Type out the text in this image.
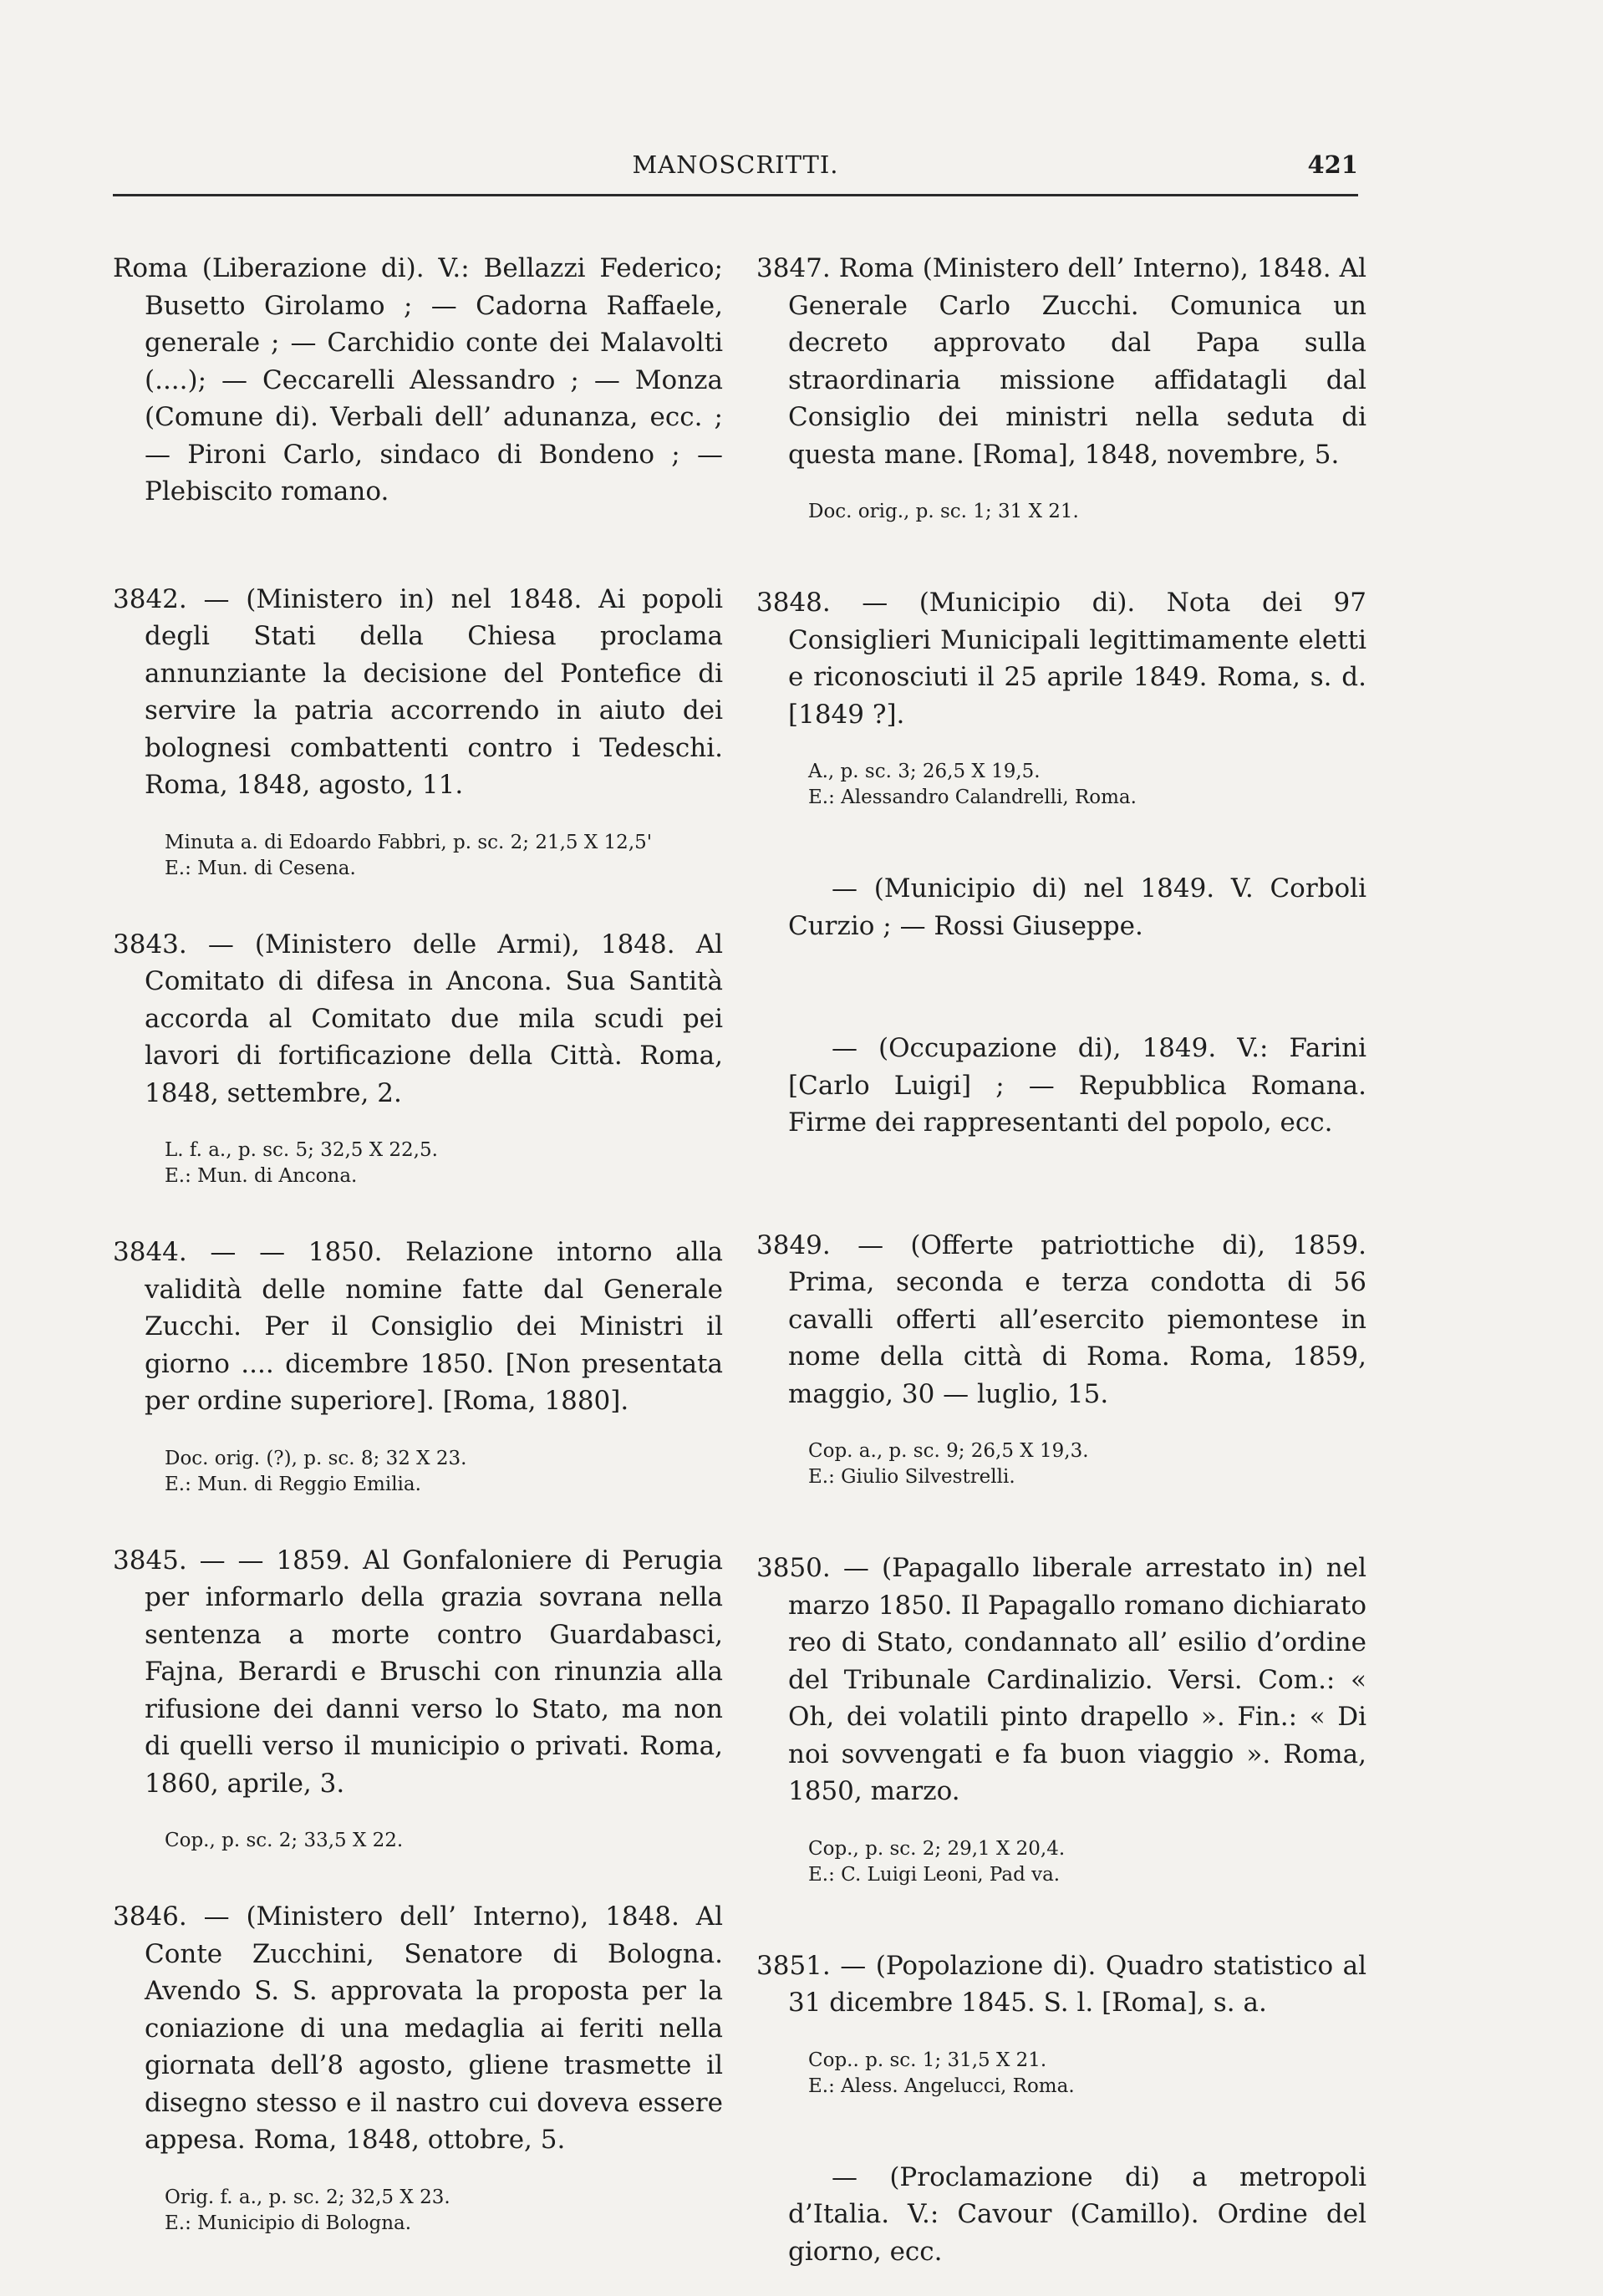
MANOSCRITTI.	421

Roma (Liberazione di). V.: Bellazzi Federico; Busetto Girolamo ; — Cadorna Raffaele, generale ; — Carchidio conte dei Malavolti (....); — Ceccarelli Alessandro ; — Monza (Comune di). Verbali dell’ adunanza, ecc. ; — Pironi Carlo, sindaco di Bondeno ; — Plebiscito romano.

3842. — (Ministero in) nel 1848. Ai popoli degli Stati della Chiesa proclama annunziante la decisione del Pontefice di servire la patria accorrendo in aiuto dei bolognesi combattenti contro i Tedeschi. Roma, 1848, agosto, 11.

Minuta a. di Edoardo Fabbri, p. sc. 2; 21,5 X 12,5'
E.: Mun. di Cesena.

3843. — (Ministero delle Armi), 1848. Al Comitato di difesa in Ancona. Sua Santità accorda al Comitato due mila scudi pei lavori di fortificazione della Città. Roma, 1848, settembre, 2.

L. f. a., p. sc. 5; 32,5 X 22,5.
E.: Mun. di Ancona.

3844. — — 1850. Relazione intorno alla validità delle nomine fatte dal Generale Zucchi. Per il Consiglio dei Ministri il giorno .... dicembre 1850. [Non presentata per ordine superiore]. [Roma, 1880].

Doc. orig. (?), p. sc. 8; 32 X 23.
E.: Mun. di Reggio Emilia.

3845. — — 1859. Al Gonfaloniere di Perugia per informarlo della grazia sovrana nella sentenza a morte contro Guardabasci, Fajna, Berardi e Bruschi con rinunzia alla rifusione dei danni verso lo Stato, ma non di quelli verso il municipio o privati. Roma, 1860, aprile, 3.

Cop., p. sc. 2; 33,5 X 22.

3846. — (Ministero dell’ Interno), 1848. Al Conte Zucchini, Senatore di Bologna. Avendo S. S. approvata la proposta per la coniazione di una medaglia ai feriti nella giornata dell’8 agosto, gliene trasmette il disegno stesso e il nastro cui doveva essere appesa. Roma, 1848, ottobre, 5.

Orig. f. a., p. sc. 2; 32,5 X 23.
E.: Municipio di Bologna.

3847. Roma (Ministero dell’ Interno), 1848. Al Generale Carlo Zucchi. Comunica un decreto approvato dal Papa sulla straordinaria missione affidatagli dal Consiglio dei ministri nella seduta di questa mane. [Roma], 1848, novembre, 5.

Doc. orig., p. sc. 1; 31 X 21.

3848. — (Municipio di). Nota dei 97 Consiglieri Municipali legittimamente eletti e riconosciuti il 25 aprile 1849. Roma, s. d. [1849 ?].

A., p. sc. 3; 26,5 X 19,5.
E.: Alessandro Calandrelli, Roma.

— (Municipio di) nel 1849. V. Corboli Curzio ; — Rossi Giuseppe.

— (Occupazione di), 1849. V.: Farini [Carlo Luigi] ; — Repubblica Romana. Firme dei rappresentanti del popolo, ecc.

3849. — (Offerte patriottiche di), 1859. Prima, seconda e terza condotta di 56 cavalli offerti all’esercito piemontese in nome della città di Roma. Roma, 1859, maggio, 30 — luglio, 15.

Cop. a., p. sc. 9; 26,5 X 19,3.
E.: Giulio Silvestrelli.

3850. — (Papagallo liberale arrestato in) nel marzo 1850. Il Papagallo romano dichiarato reo di Stato, condannato all’ esilio d’ordine del Tribunale Cardinalizio. Versi. Com.: « Oh, dei volatili pinto drapello ». Fin.: « Di noi sovvengati e fa buon viaggio ». Roma, 1850, marzo.

Cop., p. sc. 2; 29,1 X 20,4.
E.: C. Luigi Leoni, Pad va.

3851. — (Popolazione di). Quadro statistico al 31 dicembre 1845. S. l. [Roma], s. a.

Cop.. p. sc. 1; 31,5 X 21.
E.: Aless. Angelucci, Roma.

— (Proclamazione di) a metropoli d’Italia. V.: Cavour (Camillo). Ordine del giorno, ecc.
